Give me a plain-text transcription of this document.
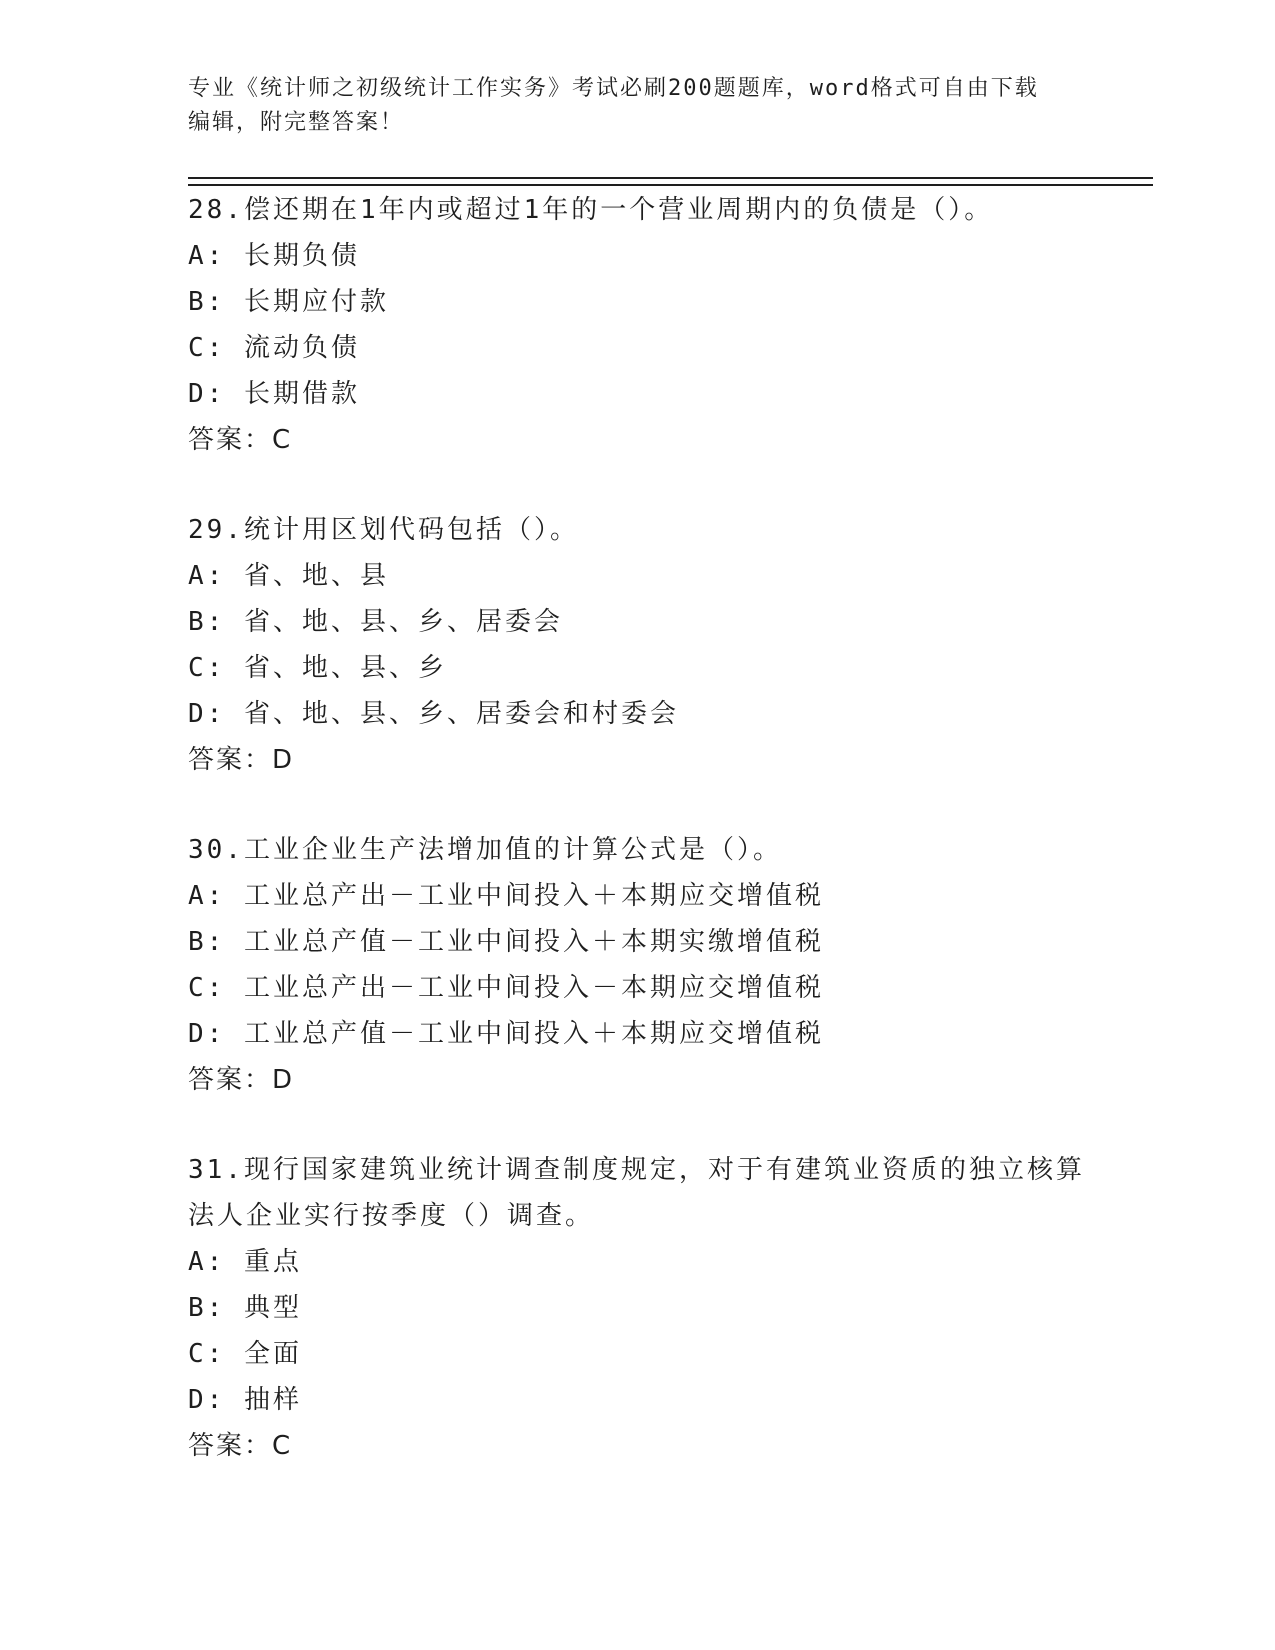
专业《统计师之初级统计工作实务》考试必刷200题题库，word格式可自由下载
编辑，附完整答案！
28.偿还期在1年内或超过1年的一个营业周期内的负债是（）。
A: 长期负债
B: 长期应付款
C: 流动负债
D: 长期借款
答案：C
29.统计用区划代码包括（）。
A: 省、地、县
B: 省、地、县、乡、居委会
C: 省、地、县、乡
D: 省、地、县、乡、居委会和村委会
答案：D
30.工业企业生产法增加值的计算公式是（）。
A: 工业总产出－工业中间投入＋本期应交增值税
B: 工业总产值－工业中间投入＋本期实缴增值税
C: 工业总产出－工业中间投入－本期应交增值税
D: 工业总产值－工业中间投入＋本期应交增值税
答案：D
31.现行国家建筑业统计调查制度规定，对于有建筑业资质的独立核算
法人企业实行按季度（）调查。
A: 重点
B: 典型
C: 全面
D: 抽样
答案：C
